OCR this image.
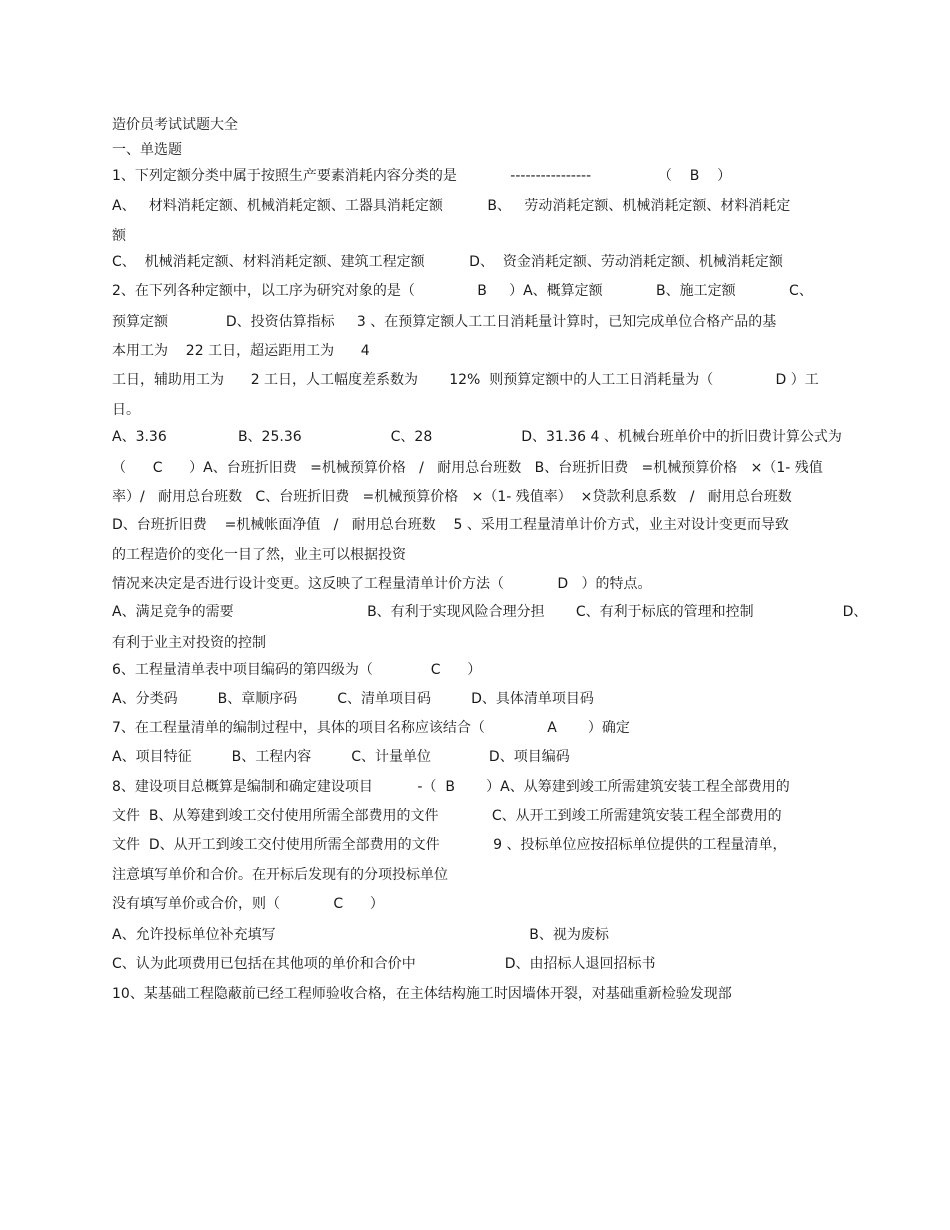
造价员考试试题大全

一、单选题

1、下列定额分类中属于按照生产要素消耗内容分类的是            ----------------               （    B    ）

A、   材料消耗定额、机械消耗定额、工器具消耗定额          B、   劳动消耗定额、机械消耗定额、材料消耗定

额

C、  机械消耗定额、材料消耗定额、建筑工程定额          D、  资金消耗定额、劳动消耗定额、机械消耗定额

2、在下列各种定额中，以工序为研究对象的是（              B     ）A、概算定额            B、施工定额            C、

预算定额             D、投资估算指标     3 、在预算定额人工工日消耗量计算时，已知完成单位合格产品的基

本用工为    22 工日，超运距用工为      4

工日，辅助用工为      2 工日，人工幅度差系数为       12%  则预算定额中的人工工日消耗量为（              D ）工

日。

A、3.36                B、25.36                    C、28                    D、31.36 4 、机械台班单价中的折旧费计算公式为

（      C      ）A、台班折旧费   =机械预算价格   /   耐用总台班数   B、台班折旧费   =机械预算价格   ×（1- 残值

率）/   耐用总台班数   C、台班折旧费   =机械预算价格   ×（1- 残值率）  ×贷款利息系数   /   耐用总台班数

D、台班折旧费    =机械帐面净值   /   耐用总台班数    5 、采用工程量清单计价方式，业主对设计变更而导致

的工程造价的变化一目了然，业主可以根据投资

情况来决定是否进行设计变更。这反映了工程量清单计价方法（            D   ）的特点。

A、满足竞争的需要                              B、有利于实现风险合理分担       C、有利于标底的管理和控制                    D、

有利于业主对投资的控制

6、工程量清单表中项目编码的第四级为（             C      ）

A、分类码         B、章顺序码         C、清单项目码         D、具体清单项目码

7、在工程量清单的编制过程中，具体的项目名称应该结合（              A       ）确定

A、项目特征         B、工程内容         C、计量单位             D、项目编码

8、建设项目总概算是编制和确定建设项目          -（  B       ）A、从筹建到竣工所需建筑安装工程全部费用的

文件  B、从筹建到竣工交付使用所需全部费用的文件            C、从开工到竣工所需建筑安装工程全部费用的

文件  D、从开工到竣工交付使用所需全部费用的文件            9 、投标单位应按招标单位提供的工程量清单，

注意填写单价和合价。在开标后发现有的分项投标单位

没有填写单价或合价，则（            C      ）

A、允许投标单位补充填写                                                         B、视为废标

C、认为此项费用已包括在其他项的单价和合价中                    D、由招标人退回招标书

10、某基础工程隐蔽前已经工程师验收合格，在主体结构施工时因墙体开裂，对基础重新检验发现部
